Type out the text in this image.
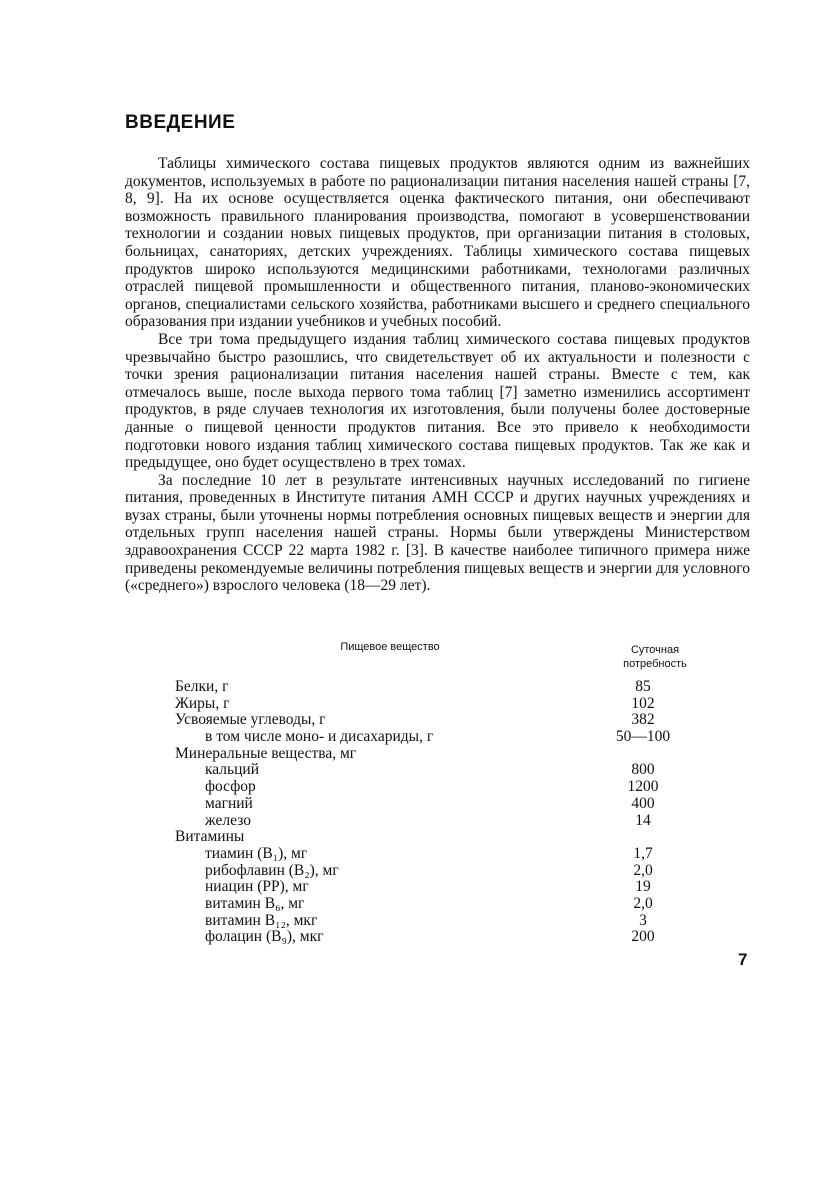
ВВЕДЕНИЕ

Таблицы химического состава пищевых продуктов являются одним из важнейших документов, используемых в работе по рационализации питания населения нашей страны [7, 8, 9]. На их основе осуществляется оценка фактического питания, они обеспечивают возможность правильного планирования производства, помогают в усовершенствовании технологии и создании новых пищевых продуктов, при организации питания в столовых, больницах, санаториях, детских учреждениях. Таблицы химического состава пищевых продуктов широко используются медицинскими работниками, технологами различных отраслей пищевой промышленности и общественного питания, планово-экономических органов, специалистами сельского хозяйства, работниками высшего и среднего специального образования при издании учебников и учебных пособий.

Все три тома предыдущего издания таблиц химического состава пищевых продуктов чрезвычайно быстро разошлись, что свидетельствует об их актуальности и полезности с точки зрения рационализации питания населения нашей страны. Вместе с тем, как отмечалось выше, после выхода первого тома таблиц [7] заметно изменились ассортимент продуктов, в ряде случаев технология их изготовления, были получены более достоверные данные о пищевой ценности продуктов питания. Все это привело к необходимости подготовки нового издания таблиц химического состава пищевых продуктов. Так же как и предыдущее, оно будет осуществлено в трех томах.

За последние 10 лет в результате интенсивных научных исследований по гигиене питания, проведенных в Институте питания АМН СССР и других научных учреждениях и вузах страны, были уточнены нормы потребления основных пищевых веществ и энергии для отдельных групп населения нашей страны. Нормы были утверждены Министерством здравоохранения СССР 22 марта 1982 г. [3]. В качестве наиболее типичного примера ниже приведены рекомендуемые величины потребления пищевых веществ и энергии для условного («среднего») взрослого человека (18—29 лет).

Пищевое вещество	Суточная
потребность
Белки, г	85
Жиры, г	102
Усвояемые углеводы, г	382
в том числе моно- и дисахариды, г	50—100
Минеральные вещества, мг
кальций	800
фосфор	1200
магний	400
железо	14
Витамины
тиамин (B₁), мг	1,7
рибофлавин (B₂), мг	2,0
ниацин (PP), мг	19
витамин B₆, мг	2,0
витамин B₁₂, мкг	3
фолацин (B₉), мкг	200
7
